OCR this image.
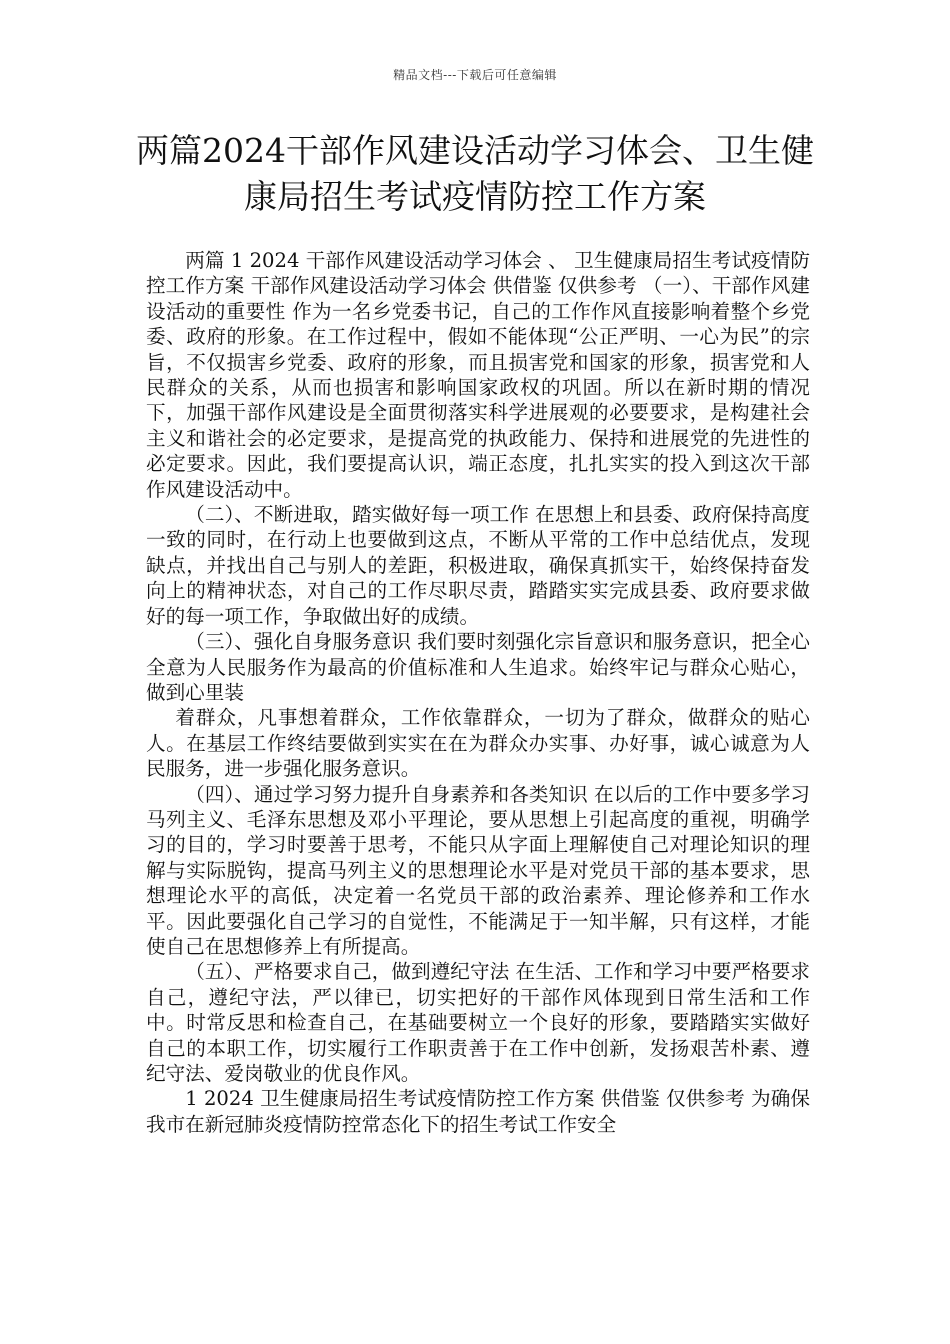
精品文档---下载后可任意编辑
两篇2024干部作风建设活动学习体会、卫生健康局招生考试疫情防控工作方案

两篇 1 2024 干部作风建设活动学习体会 、 卫生健康局招生考试疫情防控工作方案 干部作风建设活动学习体会 供借鉴 仅供参考 （一）、干部作风建设活动的重要性 作为一名乡党委书记，自己的工作作风直接影响着整个乡党委、政府的形象。在工作过程中，假如不能体现“公正严明、一心为民”的宗旨，不仅损害乡党委、政府的形象，而且损害党和国家的形象，损害党和人民群众的关系，从而也损害和影响国家政权的巩固。所以在新时期的情况下，加强干部作风建设是全面贯彻落实科学进展观的必要要求，是构建社会主义和谐社会的必定要求，是提高党的执政能力、保持和进展党的先进性的必定要求。因此，我们要提高认识，端正态度，扎扎实实的投入到这次干部作风建设活动中。

（二）、不断进取，踏实做好每一项工作 在思想上和县委、政府保持高度一致的同时，在行动上也要做到这点，不断从平常的工作中总结优点，发现缺点，并找出自己与别人的差距，积极进取，确保真抓实干，始终保持奋发向上的精神状态，对自己的工作尽职尽责，踏踏实实完成县委、政府要求做好的每一项工作，争取做出好的成绩。

（三）、强化自身服务意识 我们要时刻强化宗旨意识和服务意识，把全心全意为人民服务作为最高的价值标准和人生追求。始终牢记与群众心贴心，做到心里装

着群众，凡事想着群众，工作依靠群众，一切为了群众，做群众的贴心人。在基层工作终结要做到实实在在为群众办实事、办好事，诚心诚意为人民服务，进一步强化服务意识。

（四）、通过学习努力提升自身素养和各类知识 在以后的工作中要多学习马列主义、毛泽东思想及邓小平理论，要从思想上引起高度的重视，明确学习的目的，学习时要善于思考，不能只从字面上理解使自己对理论知识的理解与实际脱钩，提高马列主义的思想理论水平是对党员干部的基本要求，思想理论水平的高低，决定着一名党员干部的政治素养、理论修养和工作水平。因此要强化自己学习的自觉性，不能满足于一知半解，只有这样，才能使自己在思想修养上有所提高。

（五）、严格要求自己，做到遵纪守法 在生活、工作和学习中要严格要求自己，遵纪守法，严以律已，切实把好的干部作风体现到日常生活和工作中。时常反思和检查自己，在基础要树立一个良好的形象，要踏踏实实做好自己的本职工作，切实履行工作职责善于在工作中创新，发扬艰苦朴素、遵纪守法、爱岗敬业的优良作风。

1 2024 卫生健康局招生考试疫情防控工作方案 供借鉴 仅供参考 为确保我市在新冠肺炎疫情防控常态化下的招生考试工作安全
